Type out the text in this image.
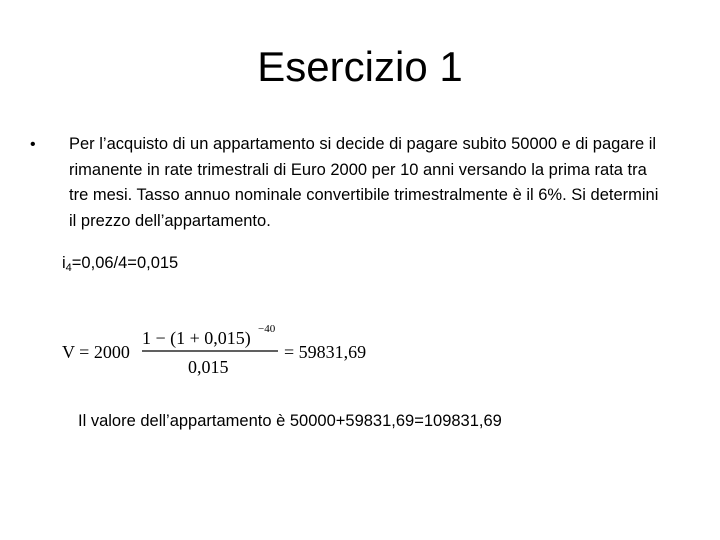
Esercizio 1
• Per l’acquisto di un appartamento si decide di pagare subito 50000 e di pagare il rimanente in rate trimestrali di Euro 2000 per 10 anni versando la prima rata tra tre mesi. Tasso annuo nominale convertibile trimestralmente è il 6%. Si determini il prezzo dell’appartamento.

$i_4=0,06/4=0,015$
V = 2000
1 − (1 + 0,015) −40
0,015
= 59831,69
Il valore dell’appartamento è 50000+59831,69=109831,69
